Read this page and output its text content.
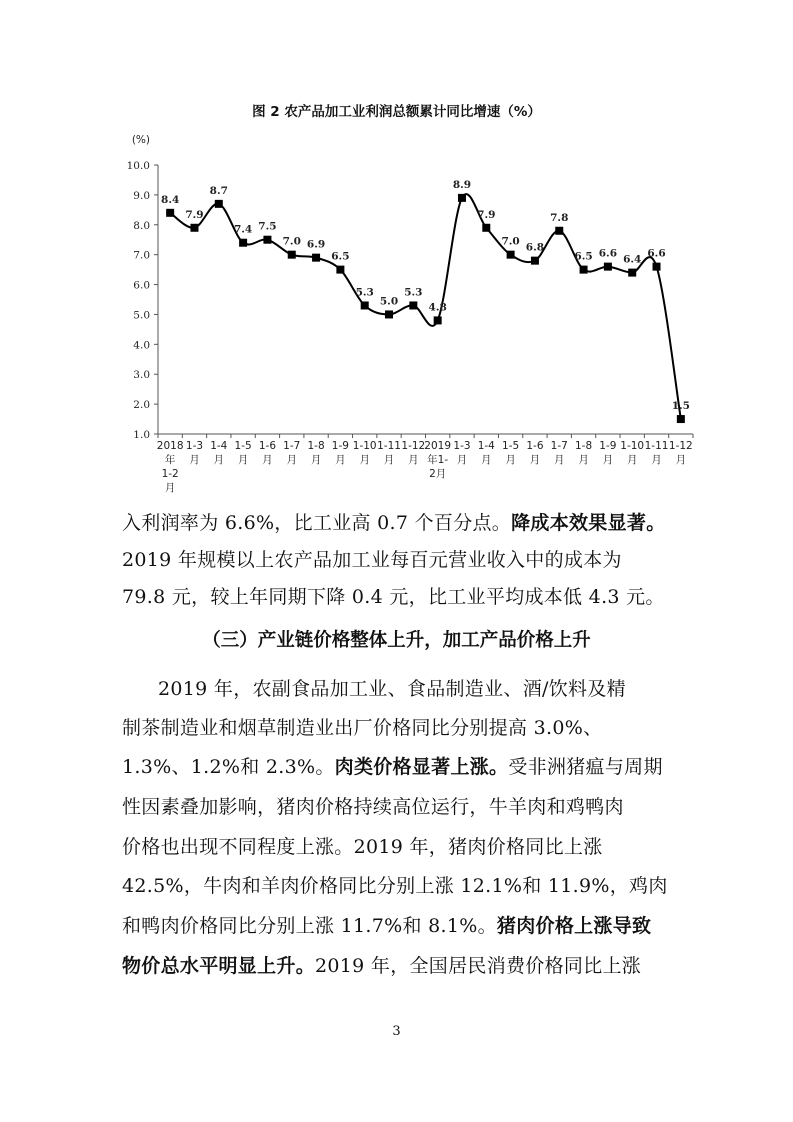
图 2 农产品加工业利润总额累计同比增速（%）
(%)
1.0
2.0
3.0
4.0
5.0
6.0
7.0
8.0
9.0
10.0
2018
年
1-2
月
1-3
月
1-4
月
1-5
月
1-6
月
1-7
月
1-8
月
1-9
月
1-10
月
1-11
月
1-12
月
2019
年1-
2月
1-3
月
1-4
月
1-5
月
1-6
月
1-7
月
1-8
月
1-9
月
1-10
月
1-11
月
1-12
月
8.4
7.9
8.7
7.4 7.5
7.0 6.9
6.5
5.3
5.0
5.3
4.8
8.9
7.9
7.0 6.8
7.8
6.5 6.6 6.4 6.6
1.5
入利润率为 6.6%，比工业高 0.7 个百分点。降成本效果显著。
2019 年规模以上农产品加工业每百元营业收入中的成本为
79.8 元，较上年同期下降 0.4 元，比工业平均成本低 4.3 元。
（三）产业链价格整体上升，加工产品价格上升
2019 年，农副食品加工业、食品制造业、酒/饮料及精
制茶制造业和烟草制造业出厂价格同比分别提高 3.0%、
1.3%、1.2%和 2.3%。肉类价格显著上涨。受非洲猪瘟与周期
性因素叠加影响，猪肉价格持续高位运行，牛羊肉和鸡鸭肉
价格也出现不同程度上涨。2019 年，猪肉价格同比上涨
42.5%，牛肉和羊肉价格同比分别上涨 12.1%和 11.9%，鸡肉
和鸭肉价格同比分别上涨 11.7%和 8.1%。猪肉价格上涨导致
物价总水平明显上升。2019 年，全国居民消费价格同比上涨
3
